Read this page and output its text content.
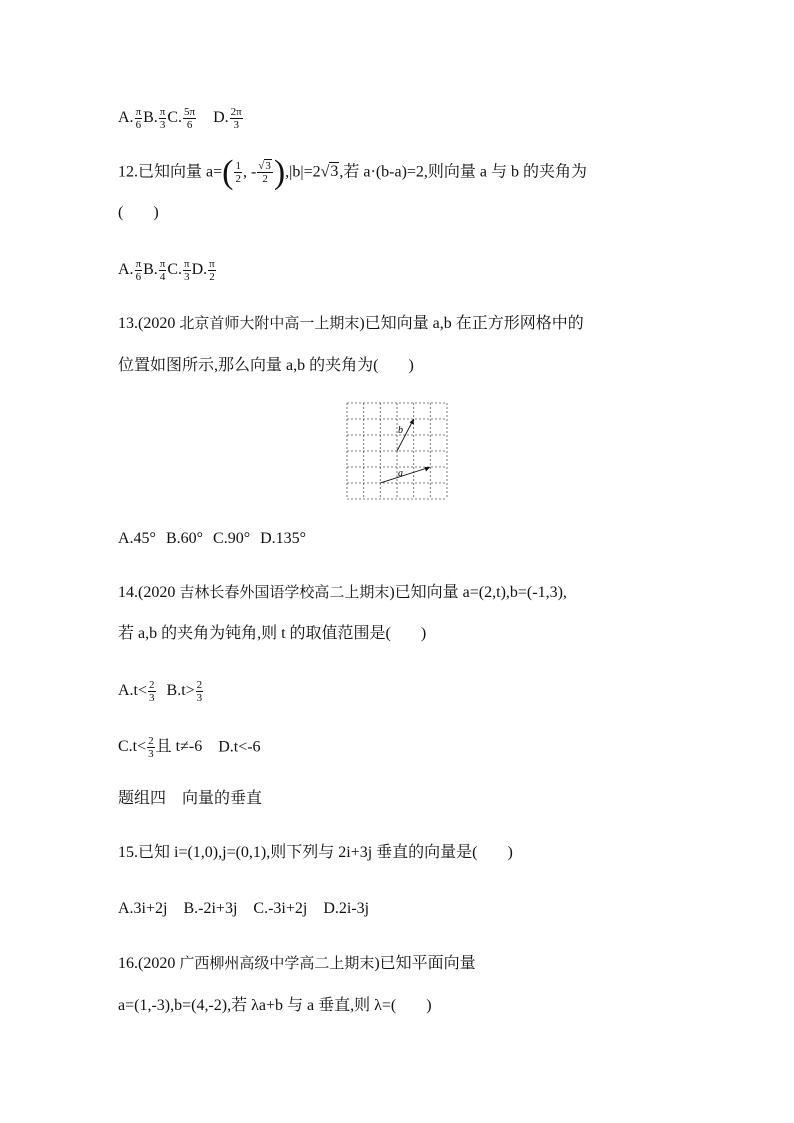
A. $\frac{\pi}{6} B$. $\frac{\pi}{3} C$. $\frac{5\pi}{6} D$. $\frac{2\pi}{3}$
12.已知向量 $a=( \frac{1}{2}$ , - $\frac{√3}{2} ),|b|=2√3$,若 a·(b-a)=2,则向量 a 与 b 的夹角为
( )
A. $\frac{\pi}{6} B$. $\frac{\pi}{4} C$. $\frac{\pi}{3} D$. $\frac{\pi}{2}$
13.(2020 北京首师大附中高一上期末)已知向量 a,b 在正方形网格中的
位置如图所示,那么向量 a,b 的夹角为( )
a
b
A.45° B.60° C.90° D.135°
14.(2020 吉林长春外国语学校高二上期末)已知向量 a=(2,t),b=(-1,3),
若 a,b 的夹角为钝角,则 t 的取值范围是( )
$A.t< \frac{2}{3} B.t> \frac{2}{3}$
$C.t< \frac{2}{3}$ 且 t≠-6 D.t<-6
题组四 向量的垂直
15.已知 i=(1,0),j=(0,1),则下列与 2i+3j 垂直的向量是( )
A.3i+2j B.-2i+3j C.-3i+2j D.2i-3j
16.(2020 广西柳州高级中学高二上期末)已知平面向量
a=(1,-3),b=(4,-2),若 λa+b 与 a 垂直,则 λ=( )
